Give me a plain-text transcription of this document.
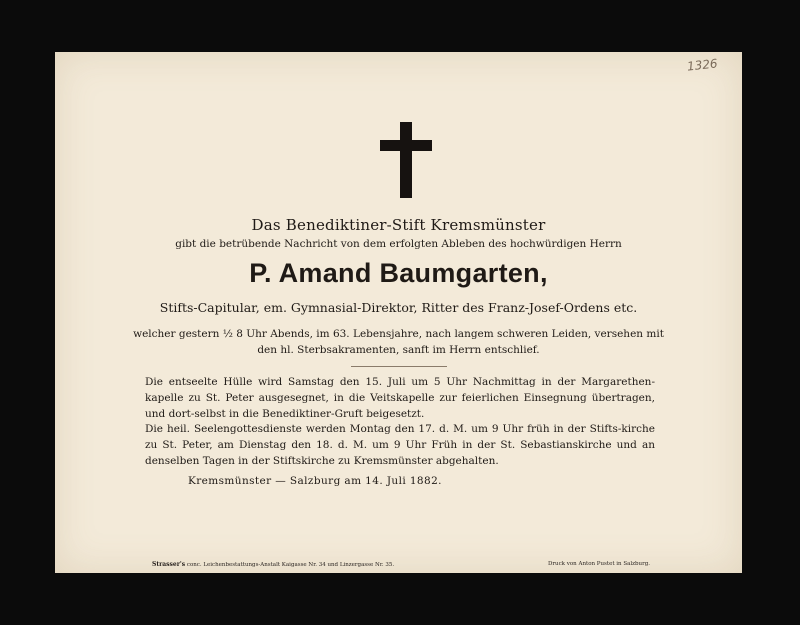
1326
Das Benediktiner-Stift Kremsmünster
gibt die betrübende Nachricht von dem erfolgten Ableben des hochwürdigen Herrn
P. Amand Baumgarten,
Stifts-Capitular, em. Gymnasial-Direktor, Ritter des Franz-Josef-Ordens etc.
welcher gestern ½ 8 Uhr Abends, im 63. Lebensjahre, nach langem schweren Leiden, versehen mit
den hl. Sterbsakramenten, sanft im Herrn entschlief.
Die entseelte Hülle wird Samstag den 15. Juli um 5 Uhr Nachmittag in der Margarethen-kapelle zu St. Peter ausgesegnet, in die Veitskapelle zur feierlichen Einsegnung übertragen, und dort-selbst in die Benediktiner-Gruft beigesetzt.
Die heil. Seelengottesdienste werden Montag den 17. d. M. um 9 Uhr früh in der Stifts-kirche zu St. Peter, am Dienstag den 18. d. M. um 9 Uhr Früh in der St. Sebastianskirche und an denselben Tagen in der Stiftskirche zu Kremsmünster abgehalten.
Kremsmünster — Salzburg am 14. Juli 1882.
Strasser's conc. Leichenbestattungs-Anstalt Kaigasse Nr. 34 und Linzergasse Nr. 35.	Druck von Anton Pustet in Salzburg.
